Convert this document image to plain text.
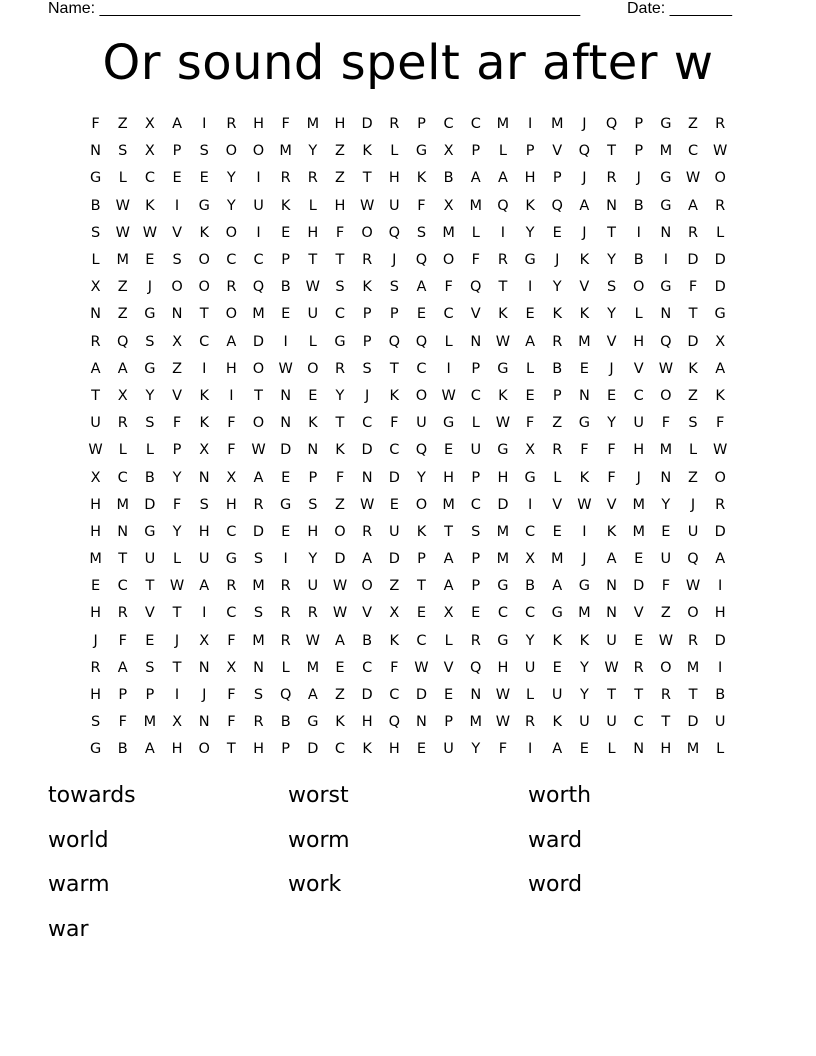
Name: ______________________________________________________	Date: _______
Or sound spelt ar after w
F	Z	X	A	I	R	H	F	M	H	D	R	P	C	C	M	I	M	J	Q	P	G	Z	R
N	S	X	P	S	O	O	M	Y	Z	K	L	G	X	P	L	P	V	Q	T	P	M	C	W
G	L	C	E	E	Y	I	R	R	Z	T	H	K	B	A	A	H	P	J	R	J	G W O
B	W	K	I	G	Y	U	K	L	H	W	U	F	X	M	Q	K	Q	A	N	B	G	A	R
S	W W	V	K	O	I	E	H	F	O	Q	S	M	L	I	Y	E	J	T	I	N	R	L
L	M	E	S	O	C	C	P	T	T	R	J	Q	O	F	R	G	J	K	Y	B	I	D	D
X	Z	J	O	O	R	Q	B	W	S	K	S	A	F	Q	T	I	Y	V	S	O	G	F	D
N	Z	G	N	T	O	M	E	U	C	P	P	E	C	V	K	E	K	K	Y	L	N	T	G
R	Q	S	X	C	A	D	I	L	G	P	Q	Q	L	N	W	A	R	M	V	H	Q	D	X
A	A	G	Z	I	H	O W O	R	S	T	C	I	P	G	L	B	E	J	V	W	K	A
T	X	Y	V	K	I	T	N	E	Y	J	K	O W	C	K	E	P	N	E	C	O	Z	K
U	R	S	F	K	F	O	N	K	T	C	F	U	G	L	W	F	Z	G	Y	U	F	S	F
W	L	L	P	X	F	W D	N	K	D	C	Q	E	U	G	X	R	F	F	H	M	L	W
X	C	B	Y	N	X	A	E	P	F	N	D	Y	H	P	H	G	L	K	F	J	N	Z	O
H	M	D	F	S	H	R	G	S	Z	W	E	O	M	C	D	I	V	W	V	M	Y	J	R
H	N	G	Y	H	C	D	E	H	O	R	U	K	T	S	M	C	E	I	K	M	E	U	D
M	T	U	L	U	G	S	I	Y	D	A	D	P	A	P	M	X	M	J	A	E	U	Q	A
E	C	T	W	A	R	M	R	U	W O	Z	T	A	P	G	B	A	G	N	D	F	W	I
H	R	V	T	I	C	S	R	R	W	V	X	E	X	E	C	C	G	M	N	V	Z	O	H
J	F	E	J	X	F	M	R	W	A	B	K	C	L	R	G	Y	K	K	U	E	W	R	D
R	A	S	T	N	X	N	L	M	E	C	F	W	V	Q	H	U	E	Y	W	R	O	M	I
H	P	P	I	J	F	S	Q	A	Z	D	C	D	E	N	W	L	U	Y	T	T	R	T	B
S	F	M	X	N	F	R	B	G	K	H	Q	N	P	M W	R	K	U	U	C	T	D	U
G	B	A	H	O	T	H	P	D	C	K	H	E	U	Y	F	I	A	E	L	N	H	M	L
towards	worst	worth
world	worm	ward
warm	work	word
war
